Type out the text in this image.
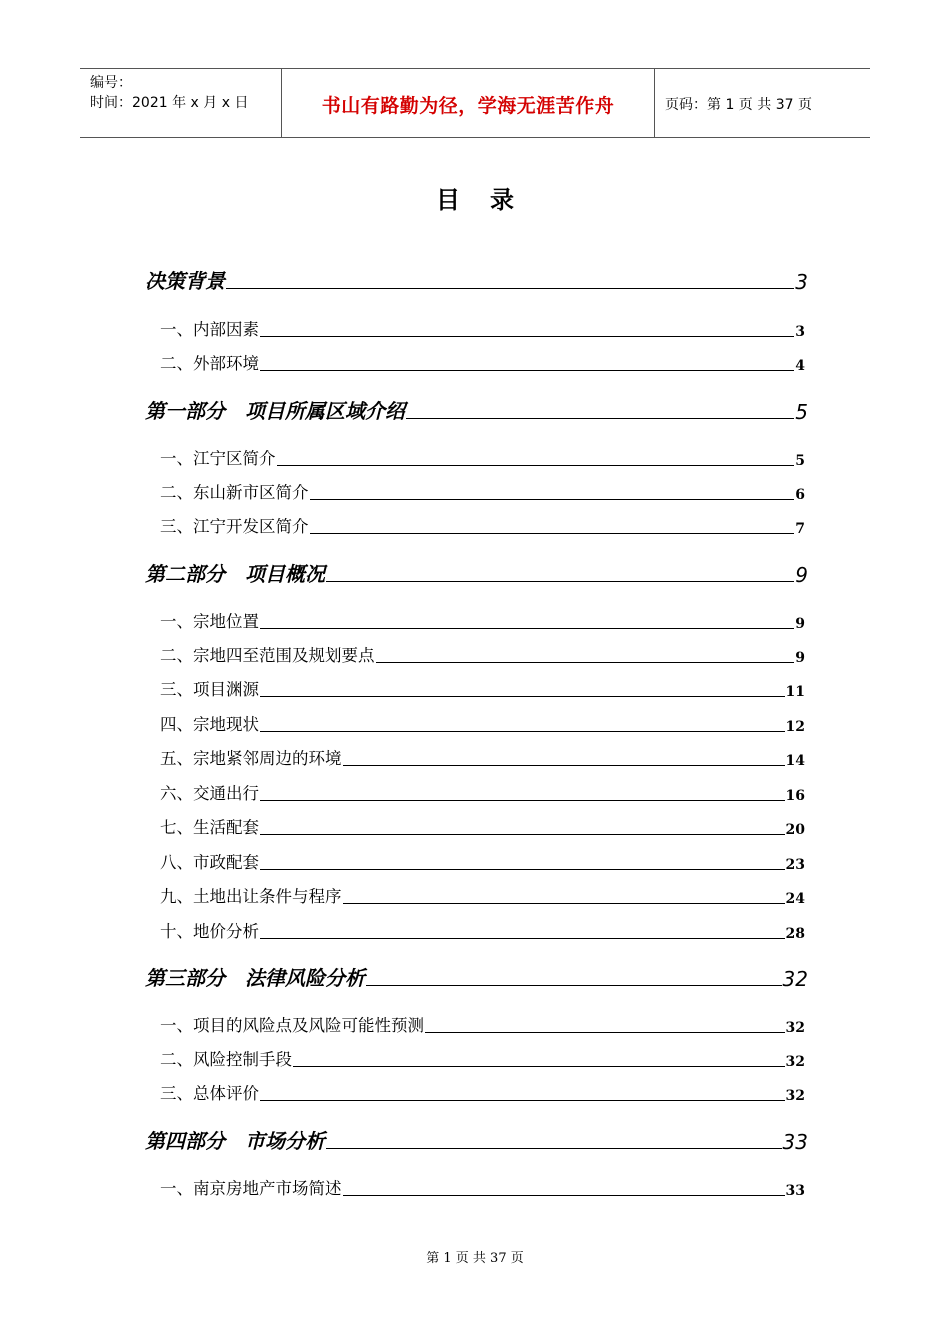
编号：
时间：2021 年 x 月 x 日	书山有路勤为径，学海无涯苦作舟	页码：第 1 页 共 37 页
目录
决策背景	3
一、内部因素	3
二、外部环境	4
第一部分　项目所属区域介绍	5
一、江宁区简介	5
二、东山新市区简介	6
三、江宁开发区简介	7
第二部分　项目概况	9
一、宗地位置	9
二、宗地四至范围及规划要点	9
三、项目渊源	11
四、宗地现状	12
五、宗地紧邻周边的环境	14
六、交通出行	16
七、生活配套	20
八、市政配套	23
九、土地出让条件与程序	24
十、地价分析	28
第三部分　法律风险分析	32
一、项目的风险点及风险可能性预测	32
二、风险控制手段	32
三、总体评价	32
第四部分　市场分析	33
一、南京房地产市场简述	33
第 1 页 共 37 页
